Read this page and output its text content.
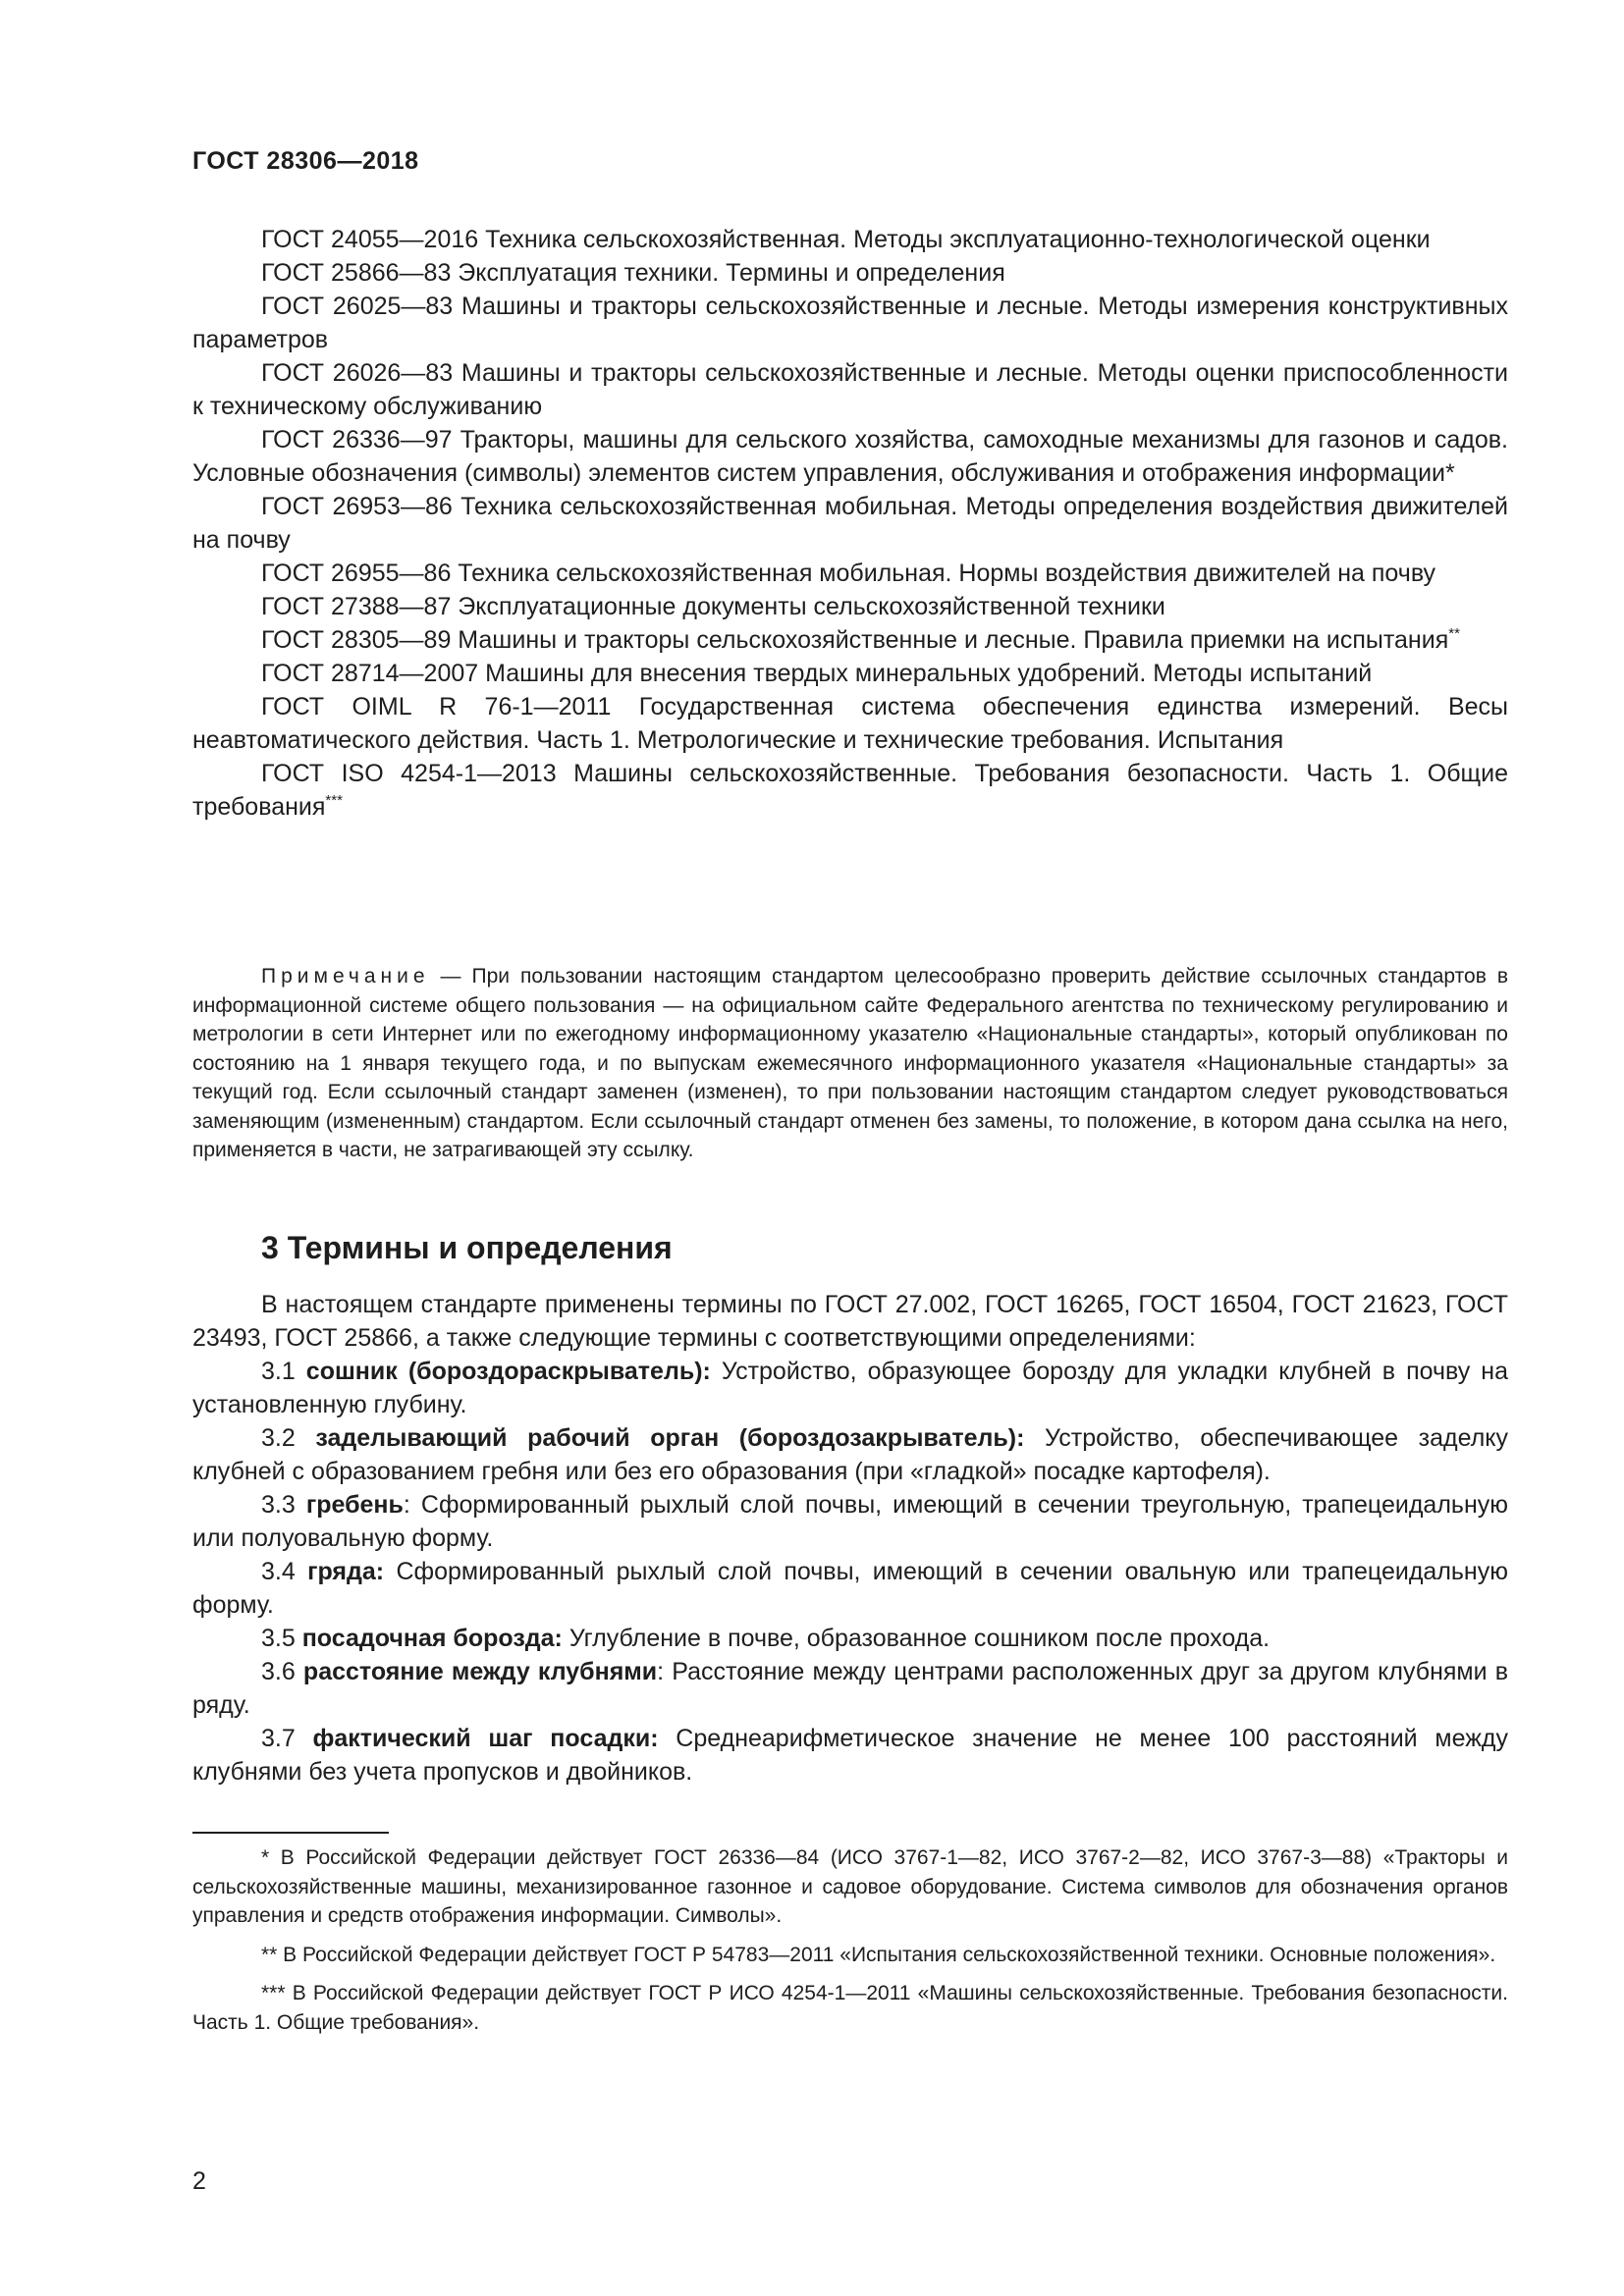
ГОСТ 28306—2018

ГОСТ 24055—2016 Техника сельскохозяйственная. Методы эксплуатационно-технологической оценки

ГОСТ 25866—83 Эксплуатация техники. Термины и определения

ГОСТ 26025—83 Машины и тракторы сельскохозяйственные и лесные. Методы измерения конструктивных параметров

ГОСТ 26026—83 Машины и тракторы сельскохозяйственные и лесные. Методы оценки приспособленности к техническому обслуживанию

ГОСТ 26336—97 Тракторы, машины для сельского хозяйства, самоходные механизмы для газонов и садов. Условные обозначения (символы) элементов систем управления, обслуживания и отображения информации*

ГОСТ 26953—86 Техника сельскохозяйственная мобильная. Методы определения воздействия движителей на почву

ГОСТ 26955—86 Техника сельскохозяйственная мобильная. Нормы воздействия движителей на почву

ГОСТ 27388—87 Эксплуатационные документы сельскохозяйственной техники

ГОСТ 28305—89 Машины и тракторы сельскохозяйственные и лесные. Правила приемки на испытания**

ГОСТ 28714—2007 Машины для внесения твердых минеральных удобрений. Методы испытаний

ГОСТ OIML R 76-1—2011 Государственная система обеспечения единства измерений. Весы неавтоматического действия. Часть 1. Метрологические и технические требования. Испытания

ГОСТ ISO 4254-1—2013 Машины сельскохозяйственные. Требования безопасности. Часть 1. Общие требования***

Примечание — При пользовании настоящим стандартом целесообразно проверить действие ссылочных стандартов в информационной системе общего пользования — на официальном сайте Федерального агентства по техническому регулированию и метрологии в сети Интернет или по ежегодному информационному указателю «Национальные стандарты», который опубликован по состоянию на 1 января текущего года, и по выпускам ежемесячного информационного указателя «Национальные стандарты» за текущий год. Если ссылочный стандарт заменен (изменен), то при пользовании настоящим стандартом следует руководствоваться заменяющим (измененным) стандартом. Если ссылочный стандарт отменен без замены, то положение, в котором дана ссылка на него, применяется в части, не затрагивающей эту ссылку.

3 Термины и определения

В настоящем стандарте применены термины по ГОСТ 27.002, ГОСТ 16265, ГОСТ 16504, ГОСТ 21623, ГОСТ 23493, ГОСТ 25866, а также следующие термины с соответствующими определениями:

3.1 сошник (бороздораскрыватель): Устройство, образующее борозду для укладки клубней в почву на установленную глубину.

3.2 заделывающий рабочий орган (бороздозакрыватель): Устройство, обеспечивающее заделку клубней с образованием гребня или без его образования (при «гладкой» посадке картофеля).

3.3 гребень: Сформированный рыхлый слой почвы, имеющий в сечении треугольную, трапецеидальную или полуовальную форму.

3.4 гряда: Сформированный рыхлый слой почвы, имеющий в сечении овальную или трапецеидальную форму.

3.5 посадочная борозда: Углубление в почве, образованное сошником после прохода.

3.6 расстояние между клубнями: Расстояние между центрами расположенных друг за другом клубнями в ряду.

3.7 фактический шаг посадки: Среднеарифметическое значение не менее 100 расстояний между клубнями без учета пропусков и двойников.

* В Российской Федерации действует ГОСТ 26336—84 (ИСО 3767-1—82, ИСО 3767-2—82, ИСО 3767-3—88) «Тракторы и сельскохозяйственные машины, механизированное газонное и садовое оборудование. Система символов для обозначения органов управления и средств отображения информации. Символы».

** В Российской Федерации действует ГОСТ Р 54783—2011 «Испытания сельскохозяйственной техники. Основные положения».

*** В Российской Федерации действует ГОСТ Р ИСО 4254-1—2011 «Машины сельскохозяйственные. Требования безопасности. Часть 1. Общие требования».

2
